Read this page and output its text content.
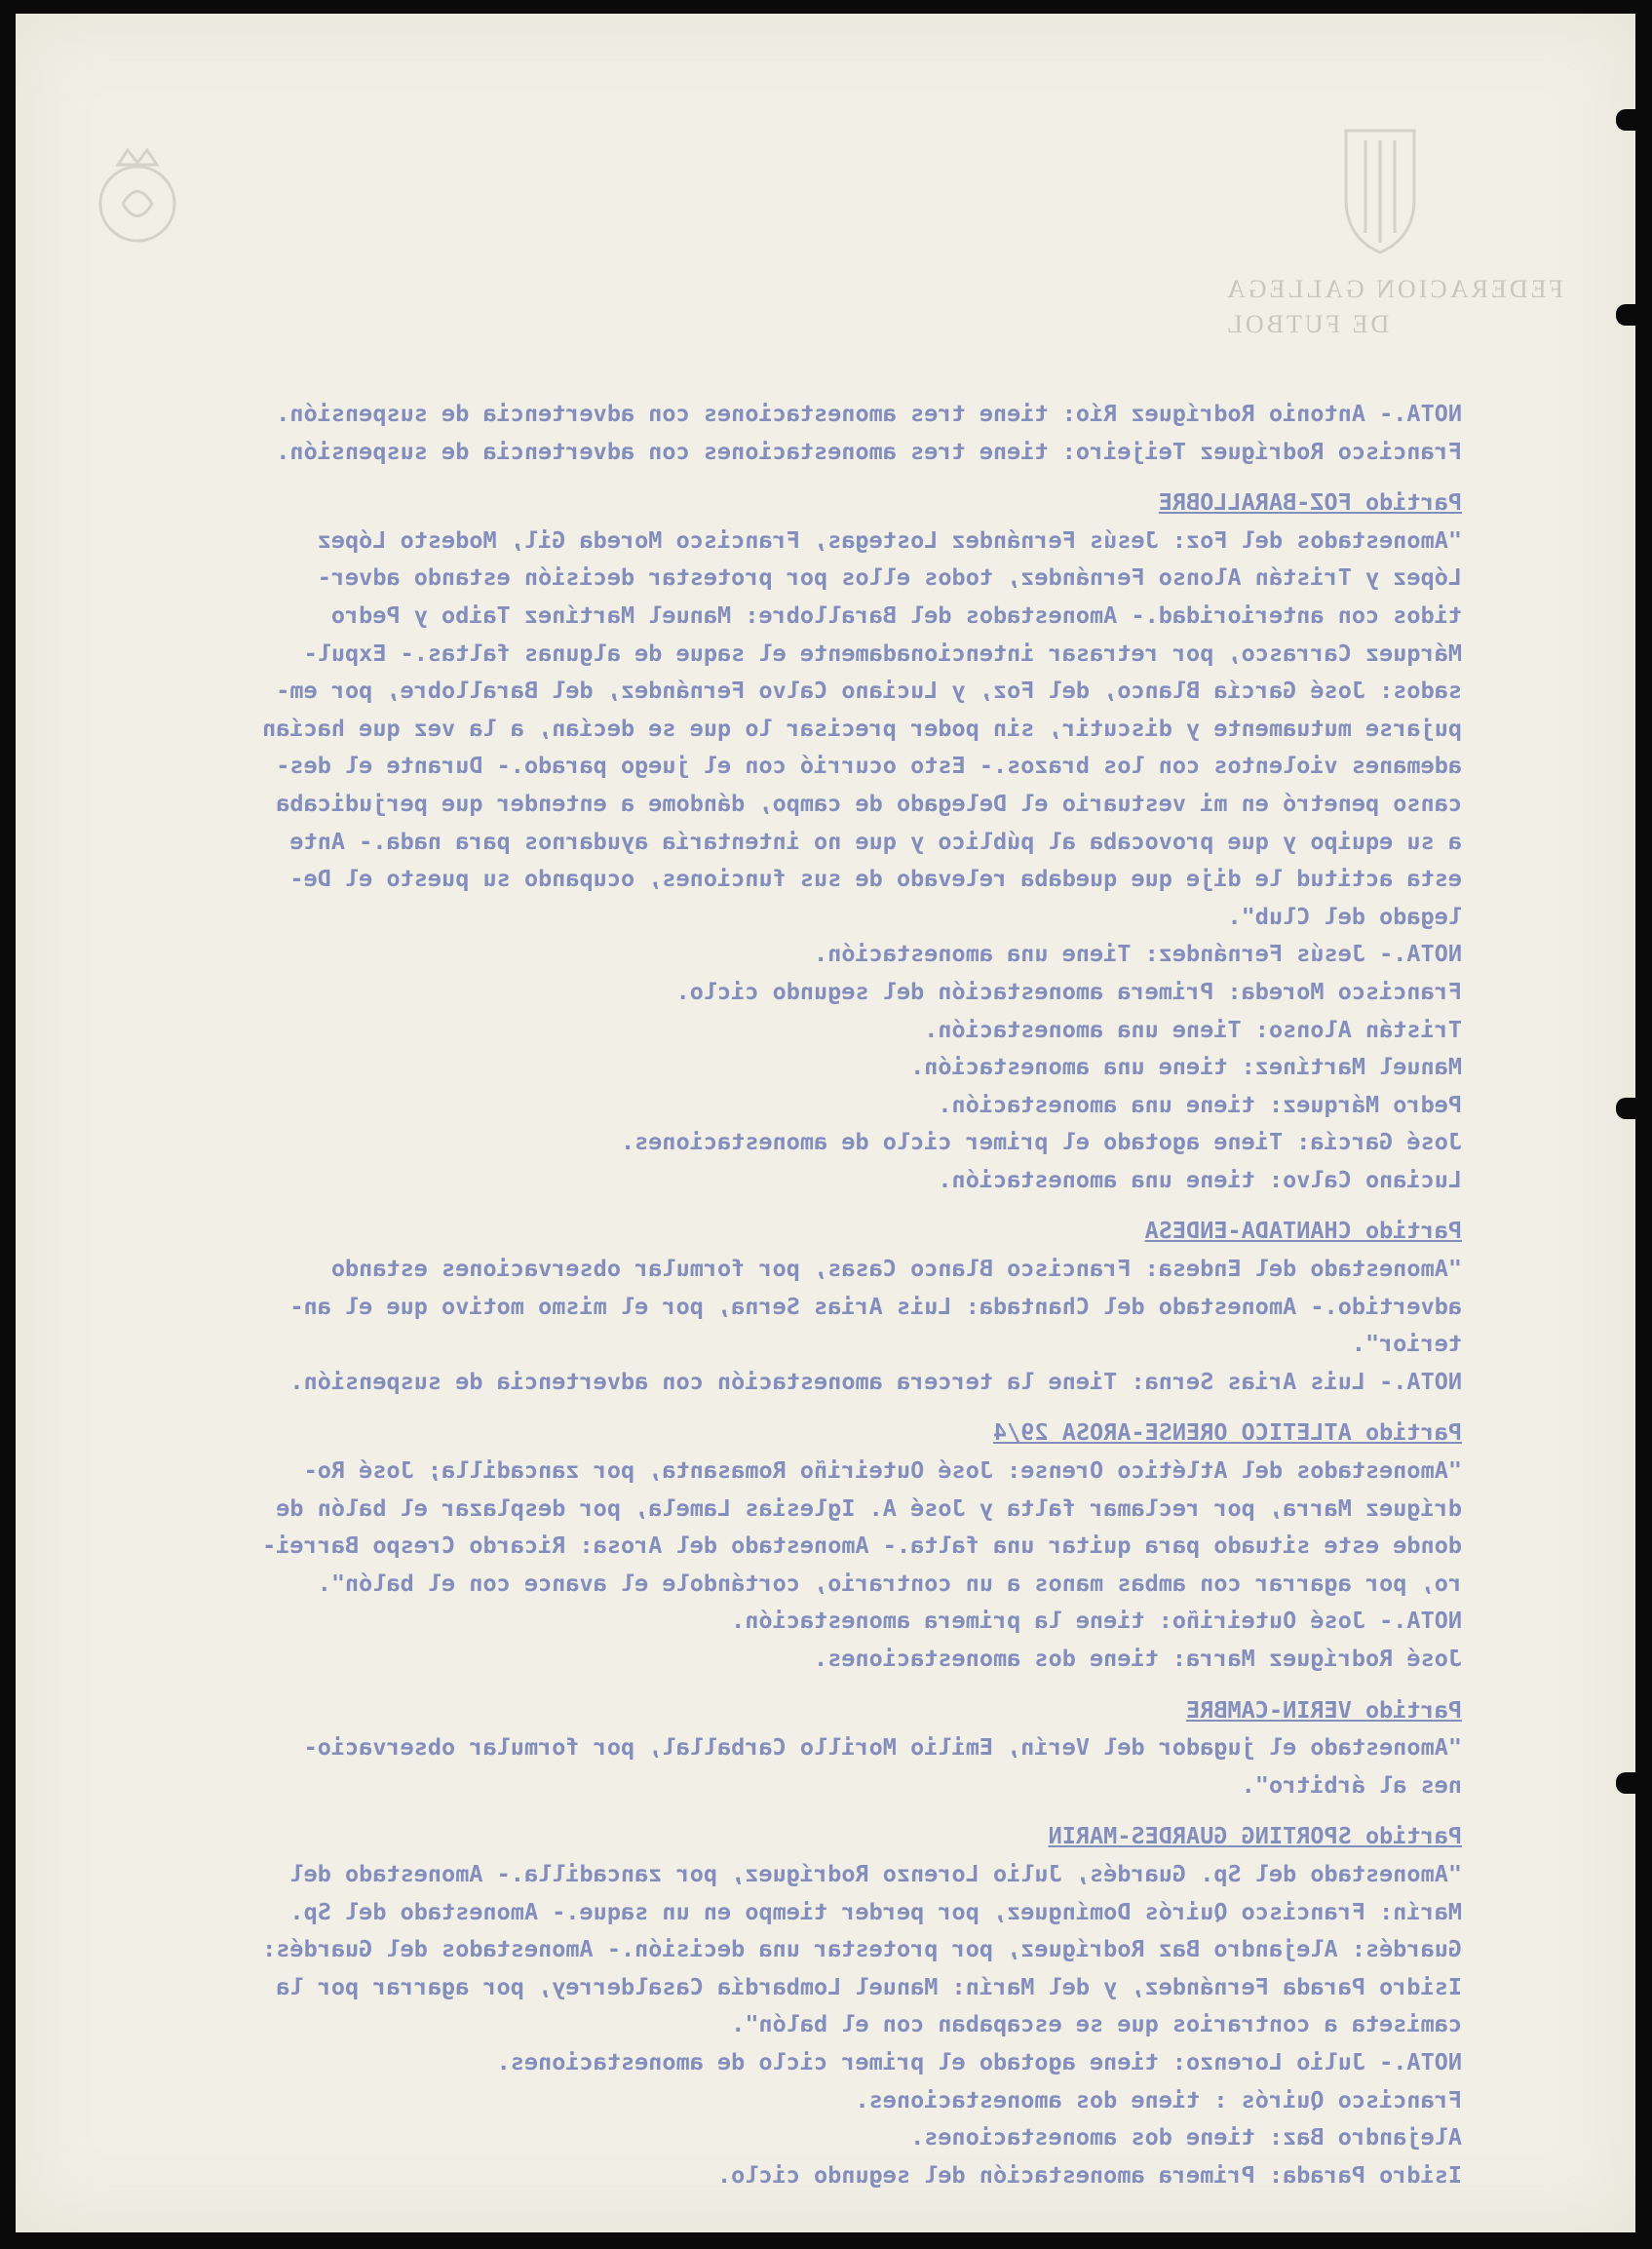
FEDERACION GALLEGA
DE FUTBOL
NOTA.- Antonio Rodríguez Río: tiene tres amonestaciones con advertencia de suspensión.
Francisco Rodríguez Teijeiro: tiene tres amonestaciones con advertencia de suspensión.
Partido FOZ-BARALLOBRE
"Amonestados del Foz: Jesús Fernández Lostegas, Francisco Moreda Gil, Modesto López
López y Tristán Alonso Fernández, todos ellos por protestar decisión estando adver-
tidos con anterioridad.- Amonestados del Barallobre: Manuel Martínez Taibo y Pedro
Márquez Carrasco, por retrasar intencionadamente el saque de algunas faltas.- Expul-
sados: José García Blanco, del Foz, y Luciano Calvo Fernández, del Barallobre, por em-
pujarse mutuamente y discutir, sin poder precisar lo que se decían, a la vez que hacían
ademanes violentos con los brazos.- Esto ocurrió con el juego parado.- Durante el des-
canso penetró en mi vestuario el Delegado de campo, dándome a entender que perjudicaba
a su equipo y que provocaba al público y que no intentaría ayudarnos para nada.- Ante
esta actitud le dije que quedaba relevado de sus funciones, ocupando su puesto el De-
legado del Club".
NOTA.- Jesús Fernández: Tiene una amonestación.
Francisco Moreda: Primera amonestación del segundo ciclo.
Tristán Alonso: Tiene una amonestación.
Manuel Martínez: tiene una amonestación.
Pedro Márquez: tiene una amonestación.
José García: Tiene agotado el primer ciclo de amonestaciones.
Luciano Calvo: tiene una amonestación.
Partido CHANTADA-ENDESA
"Amonestado del Endesa: Francisco Blanco Casas, por formular observaciones estando
advertido.- Amonestado del Chantada: Luis Arias Serna, por el mismo motivo que el an-
terior".
NOTA.- Luis Arias Serna: Tiene la tercera amonestación con advertencia de suspensión.
Partido ATLETICO ORENSE-AROSA 29/4
"Amonestados del Atlético Orense: José Outeiriño Romasanta, por zancadilla; José Ro-
dríguez Marra, por reclamar falta y José A. Iglesias Lamela, por desplazar el balón de
donde este situado para quitar una falta.- Amonestado del Arosa: Ricardo Crespo Barrei-
ro, por agarrar con ambas manos a un contrario, cortándole el avance con el balón".
NOTA.- José Outeiriño: tiene la primera amonestación.
José Rodríguez Marra: tiene dos amonestaciones.
Partido VERIN-CAMBRE
"Amonestado el jugador del Verín, Emilio Morillo Carballal, por formular observacio-
nes al árbitro".
Partido SPORTING GUARDES-MARIN
"Amonestado del Sp. Guardés, Julio Lorenzo Rodríguez, por zancadilla.- Amonestado del
Marín: Francisco Quirós Domínguez, por perder tiempo en un saque.- Amonestado del Sp.
Guardés: Alejandro Baz Rodríguez, por protestar una decisión.- Amonestados del Guardés:
Isidro Parada Fernández, y del Marín: Manuel Lombardía Casalderrey, por agarrar por la
camiseta a contrarios que se escapaban con el balón".
NOTA.- Julio Lorenzo: tiene agotado el primer ciclo de amonestaciones.
Francisco Quirós : tiene dos amonestaciones.
Alejandro Baz: tiene dos amonestaciones.
Isidro Parada: Primera amonestación del segundo ciclo.
